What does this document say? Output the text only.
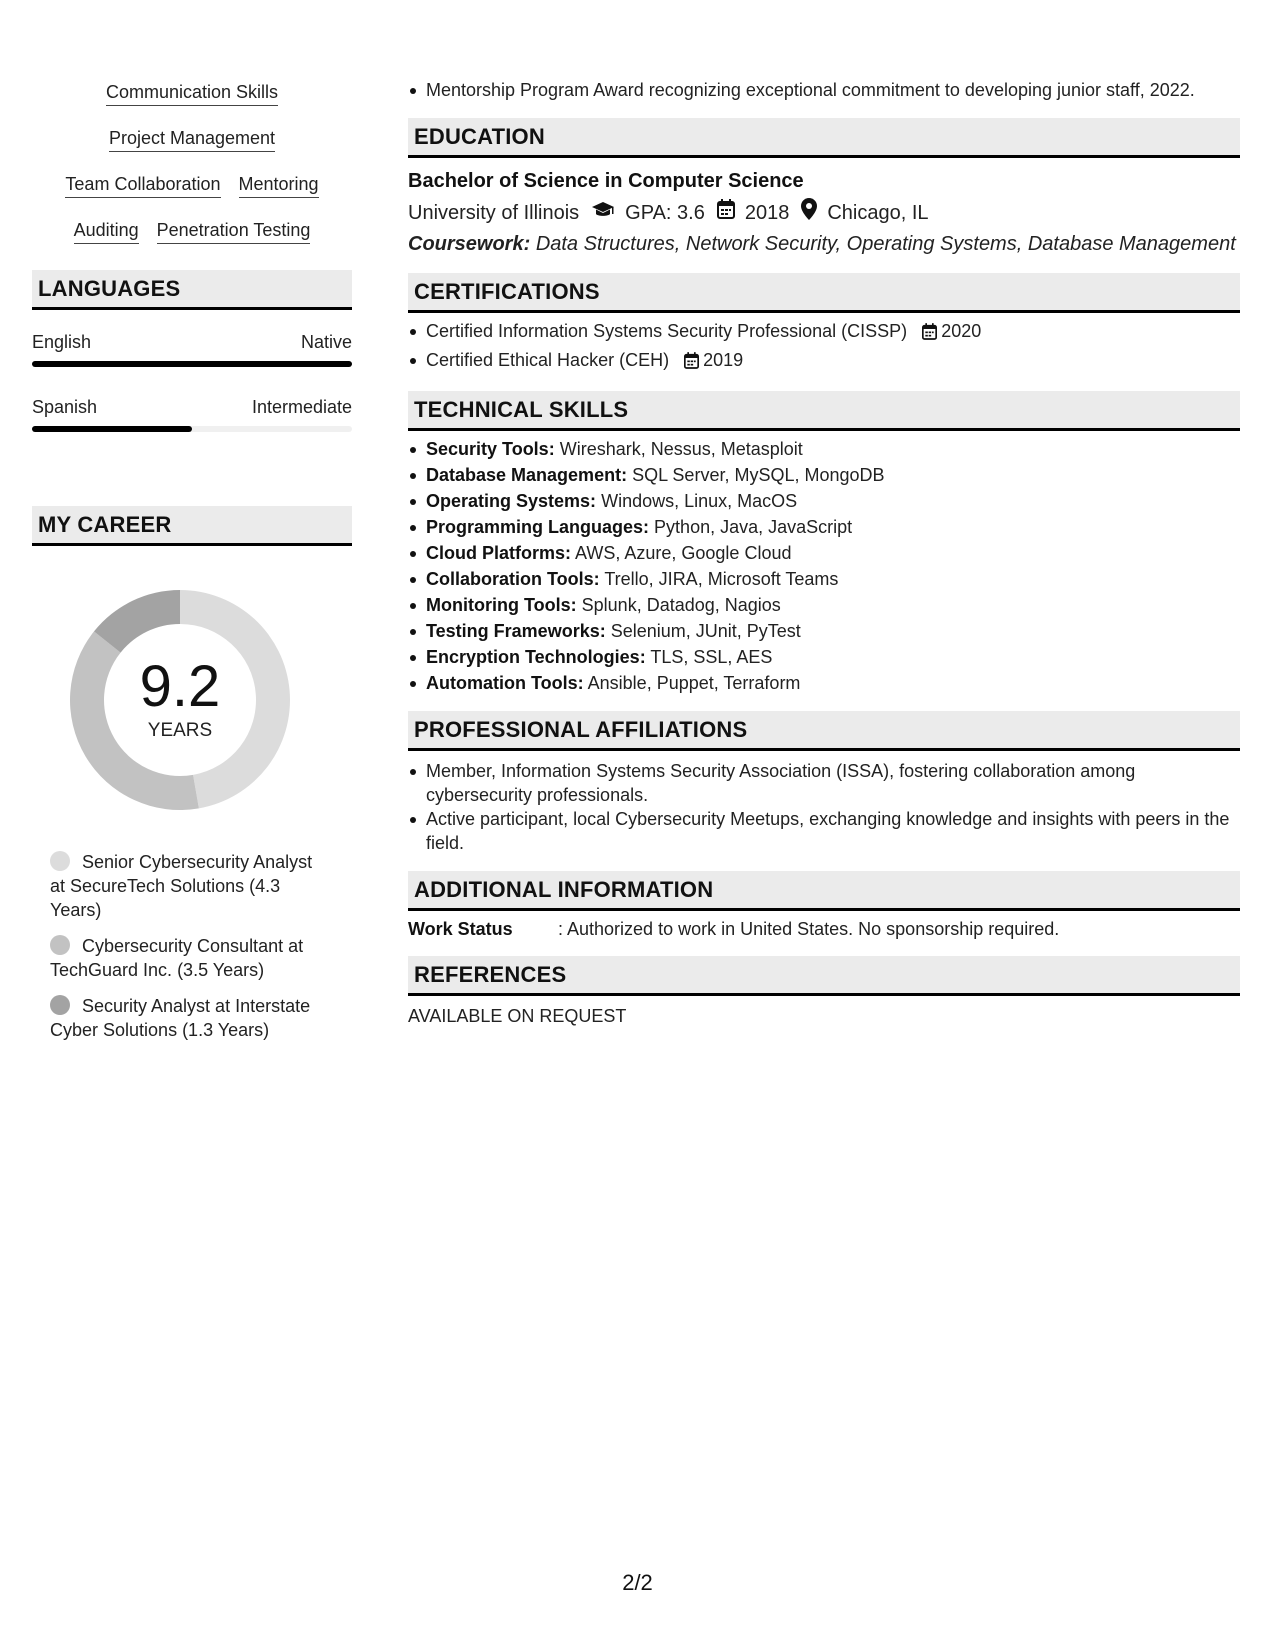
Communication Skills
Project Management
Team Collaboration Mentoring
Auditing Penetration Testing
LANGUAGES
English	Native
Spanish	Intermediate
MY CAREER
9.2
YEARS
Senior Cybersecurity Analyst at SecureTech Solutions (4.3 Years)
Cybersecurity Consultant at TechGuard Inc. (3.5 Years)
Security Analyst at Interstate Cyber Solutions (1.3 Years)
Mentorship Program Award recognizing exceptional commitment to developing junior staff, 2022.
EDUCATION
Bachelor of Science in Computer Science
University of Illinois GPA: 3.6 2018 Chicago, IL
Coursework: Data Structures, Network Security, Operating Systems, Database Management
CERTIFICATIONS
Certified Information Systems Security Professional (CISSP) 2020
Certified Ethical Hacker (CEH) 2019
TECHNICAL SKILLS
Security Tools: Wireshark, Nessus, Metasploit
Database Management: SQL Server, MySQL, MongoDB
Operating Systems: Windows, Linux, MacOS
Programming Languages: Python, Java, JavaScript
Cloud Platforms: AWS, Azure, Google Cloud
Collaboration Tools: Trello, JIRA, Microsoft Teams
Monitoring Tools: Splunk, Datadog, Nagios
Testing Frameworks: Selenium, JUnit, PyTest
Encryption Technologies: TLS, SSL, AES
Automation Tools: Ansible, Puppet, Terraform
PROFESSIONAL AFFILIATIONS
Member, Information Systems Security Association (ISSA), fostering collaboration among cybersecurity professionals.
Active participant, local Cybersecurity Meetups, exchanging knowledge and insights with peers in the field.
ADDITIONAL INFORMATION
Work Status	: Authorized to work in United States. No sponsorship required.
REFERENCES
AVAILABLE ON REQUEST
2/2
